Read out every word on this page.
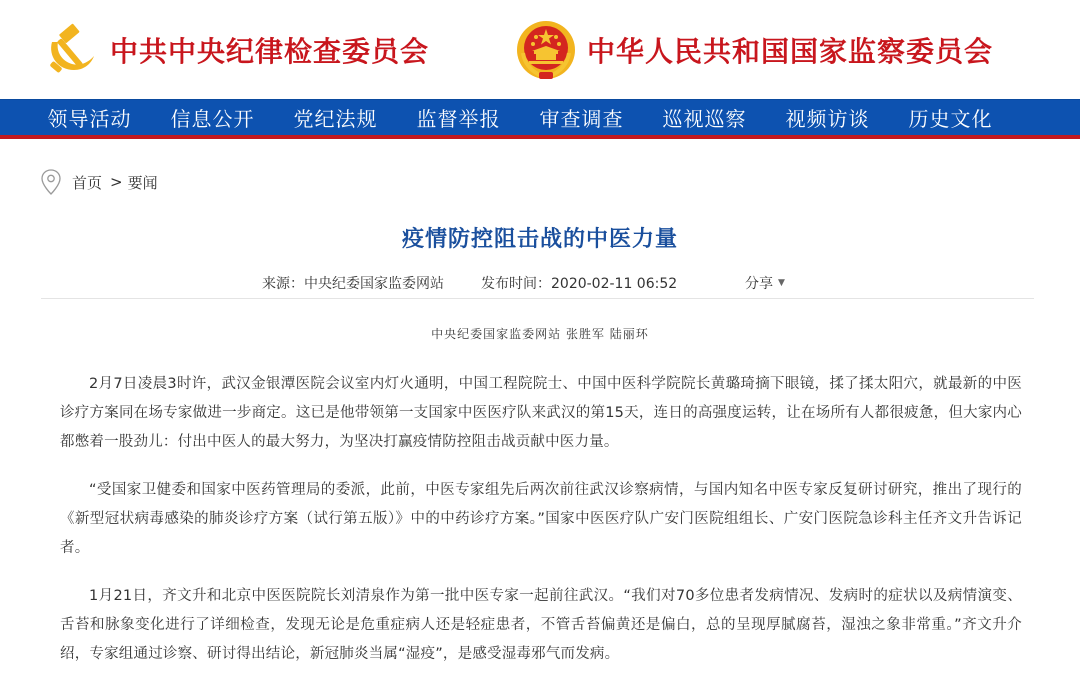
中共中央纪律检查委员会	中华人民共和国国家监察委员会
领导活动	信息公开	党纪法规	监督举报	审查调查	巡视巡察	视频访谈	历史文化
首页 > 要闻
疫情防控阻击战的中医力量
来源：中央纪委国家监委网站	发布时间：2020-02-11 06:52	分享 ▼
中央纪委国家监委网站 张胜军 陆丽环

2月7日凌晨3时许，武汉金银潭医院会议室内灯火通明，中国工程院院士、中国中医科学院院长黄璐琦摘下眼镜，揉了揉太阳穴，就最新的中医诊疗方案同在场专家做进一步商定。这已是他带领第一支国家中医医疗队来武汉的第15天，连日的高强度运转，让在场所有人都很疲惫，但大家内心都憋着一股劲儿：付出中医人的最大努力，为坚决打赢疫情防控阻击战贡献中医力量。

“受国家卫健委和国家中医药管理局的委派，此前，中医专家组先后两次前往武汉诊察病情，与国内知名中医专家反复研讨研究，推出了现行的《新型冠状病毒感染的肺炎诊疗方案（试行第五版）》中的中药诊疗方案。”国家中医医疗队广安门医院组组长、广安门医院急诊科主任齐文升告诉记者。

1月21日，齐文升和北京中医医院院长刘清泉作为第一批中医专家一起前往武汉。“我们对70多位患者发病情况、发病时的症状以及病情演变、舌苔和脉象变化进行了详细检查，发现无论是危重症病人还是轻症患者，不管舌苔偏黄还是偏白，总的呈现厚腻腐苔，湿浊之象非常重。”齐文升介绍，专家组通过诊察、研讨得出结论，新冠肺炎当属“湿疫”，是感受湿毒邪气而发病。
